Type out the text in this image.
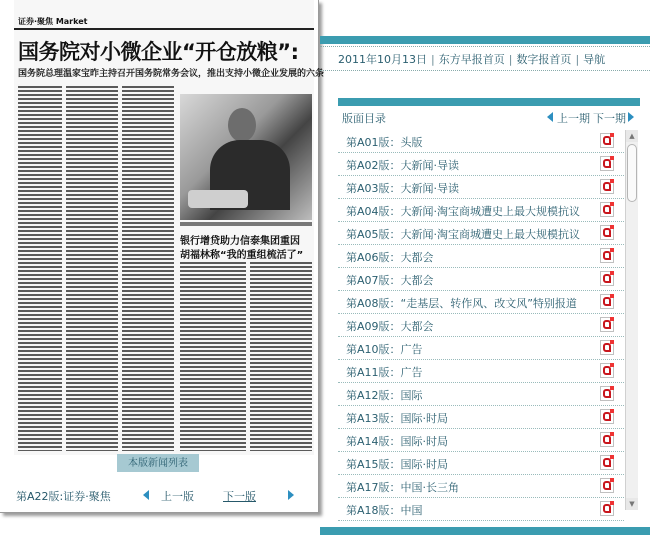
证券·聚焦 Market
国务院对小微企业“开仓放粮”:
国务院总理温家宝昨主持召开国务院常务会议，推出支持小微企业发展的六条
银行增贷助力信泰集团重因
胡福林称“我的重组梳活了”
本版新闻列表
第A22版:证券·聚焦	上一版	下一版
2011年10月13日 | 东方早报首页 | 数字报首页 | 导航
版面目录	上一期 下一期
第A01版：头版
第A02版：大新闻·导读
第A03版：大新闻·导读
第A04版：大新闻·淘宝商城遭史上最大规模抗议
第A05版：大新闻·淘宝商城遭史上最大规模抗议
第A06版：大都会
第A07版：大都会
第A08版：“走基层、转作风、改文风”特别报道
第A09版：大都会
第A10版：广告
第A11版：广告
第A12版：国际
第A13版：国际·时局
第A14版：国际·时局
第A15版：国际·时局
第A17版：中国·长三角
第A18版：中国
▲
▼
